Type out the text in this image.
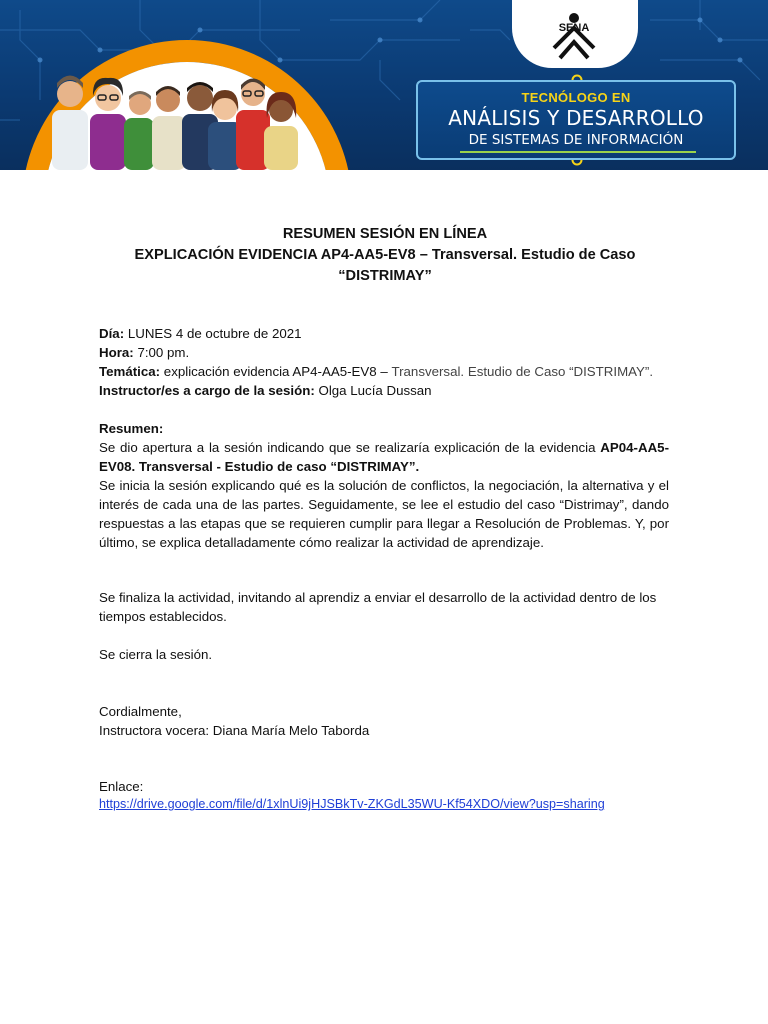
SENA
TECNÓLOGO EN
ANÁLISIS Y DESARROLLO
DE SISTEMAS DE INFORMACIÓN
RESUMEN SESIÓN EN LÍNEA
EXPLICACIÓN EVIDENCIA AP4-AA5-EV8 – Transversal. Estudio de Caso
“DISTRIMAY”
Día: LUNES 4 de octubre de 2021
Hora: 7:00 pm.
Temática: explicación evidencia AP4-AA5-EV8 – Transversal. Estudio de Caso “DISTRIMAY”.
Instructor/es a cargo de la sesión: Olga Lucía Dussan
Resumen:
Se dio apertura a la sesión indicando que se realizaría explicación de la evidencia AP04-AA5-EV08. Transversal - Estudio de caso “DISTRIMAY”.
Se inicia la sesión explicando qué es la solución de conflictos, la negociación, la alternativa y el interés de cada una de las partes. Seguidamente, se lee el estudio del caso “Distrimay”, dando respuestas a las etapas que se requieren cumplir para llegar a Resolución de Problemas. Y, por último, se explica detalladamente cómo realizar la actividad de aprendizaje.
Se finaliza la actividad, invitando al aprendiz a enviar el desarrollo de la actividad dentro de los tiempos establecidos.
Se cierra la sesión.
Cordialmente,
Instructora vocera: Diana María Melo Taborda
Enlace:
https://drive.google.com/file/d/1xlnUi9jHJSBkTv-ZKGdL35WU-Kf54XDO/view?usp=sharing
